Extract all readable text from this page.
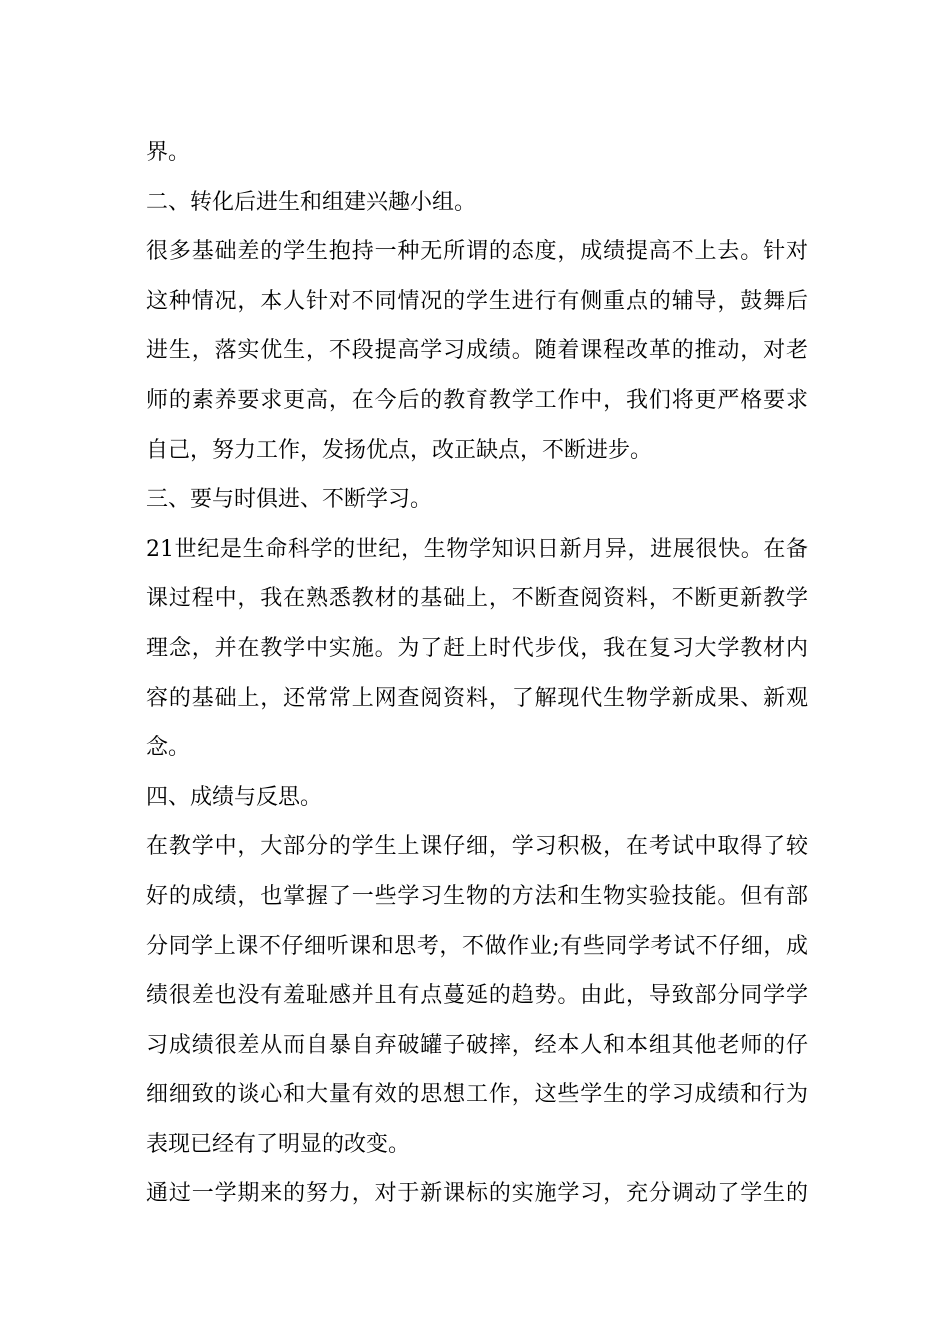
界。
二、转化后进生和组建兴趣小组。
很多基础差的学生抱持一种无所谓的态度，成绩提高不上去。针对
这种情况，本人针对不同情况的学生进行有侧重点的辅导，鼓舞后
进生，落实优生，不段提高学习成绩。随着课程改革的推动，对老
师的素养要求更高，在今后的教育教学工作中，我们将更严格要求
自己，努力工作，发扬优点，改正缺点，不断进步。
三、要与时俱进、不断学习。
21世纪是生命科学的世纪，生物学知识日新月异，进展很快。在备
课过程中，我在熟悉教材的基础上，不断查阅资料，不断更新教学
理念，并在教学中实施。为了赶上时代步伐，我在复习大学教材内
容的基础上，还常常上网查阅资料，了解现代生物学新成果、新观
念。
四、成绩与反思。
在教学中，大部分的学生上课仔细，学习积极，在考试中取得了较
好的成绩，也掌握了一些学习生物的方法和生物实验技能。但有部
分同学上课不仔细听课和思考，不做作业;有些同学考试不仔细，成
绩很差也没有羞耻感并且有点蔓延的趋势。由此，导致部分同学学
习成绩很差从而自暴自弃破罐子破摔，经本人和本组其他老师的仔
细细致的谈心和大量有效的思想工作，这些学生的学习成绩和行为
表现已经有了明显的改变。
通过一学期来的努力，对于新课标的实施学习，充分调动了学生的
